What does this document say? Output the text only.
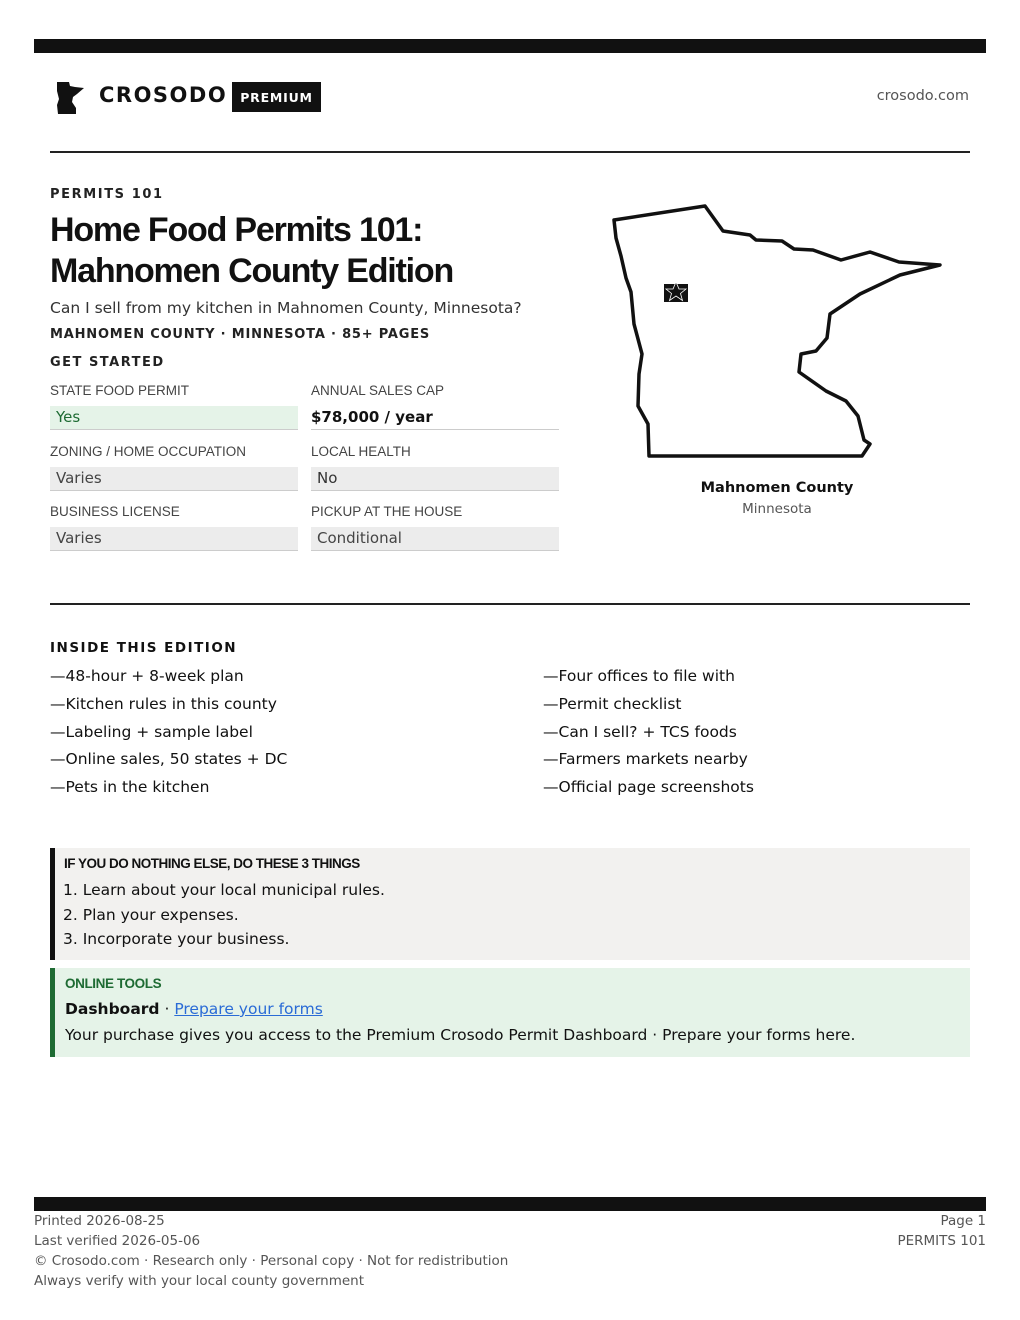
CROSODO	PREMIUM	crosodo.com
PERMITS 101
Home Food Permits 101:
Mahnomen County Edition
Can I sell from my kitchen in Mahnomen County, Minnesota?
MAHNOMEN COUNTY · MINNESOTA · 85+ PAGES
GET STARTED
STATE FOOD PERMIT
Yes
ANNUAL SALES CAP
$78,000 / year
ZONING / HOME OCCUPATION
Varies
LOCAL HEALTH
No
BUSINESS LICENSE
Varies
PICKUP AT THE HOUSE
Conditional
Mahnomen County
Minnesota
INSIDE THIS EDITION
—48-hour + 8-week plan
—Kitchen rules in this county
—Labeling + sample label
—Online sales, 50 states + DC
—Pets in the kitchen
—Four offices to file with
—Permit checklist
—Can I sell? + TCS foods
—Farmers markets nearby
—Official page screenshots
IF YOU DO NOTHING ELSE, DO THESE 3 THINGS
1. Learn about your local municipal rules.
2. Plan your expenses.
3. Incorporate your business.
ONLINE TOOLS
Dashboard · Prepare your forms
Your purchase gives you access to the Premium Crosodo Permit Dashboard · Prepare your forms here.
Printed 2026-08-25
Last verified 2026-05-06
© Crosodo.com · Research only · Personal copy · Not for redistribution
Always verify with your local county government
Page 1
PERMITS 101
